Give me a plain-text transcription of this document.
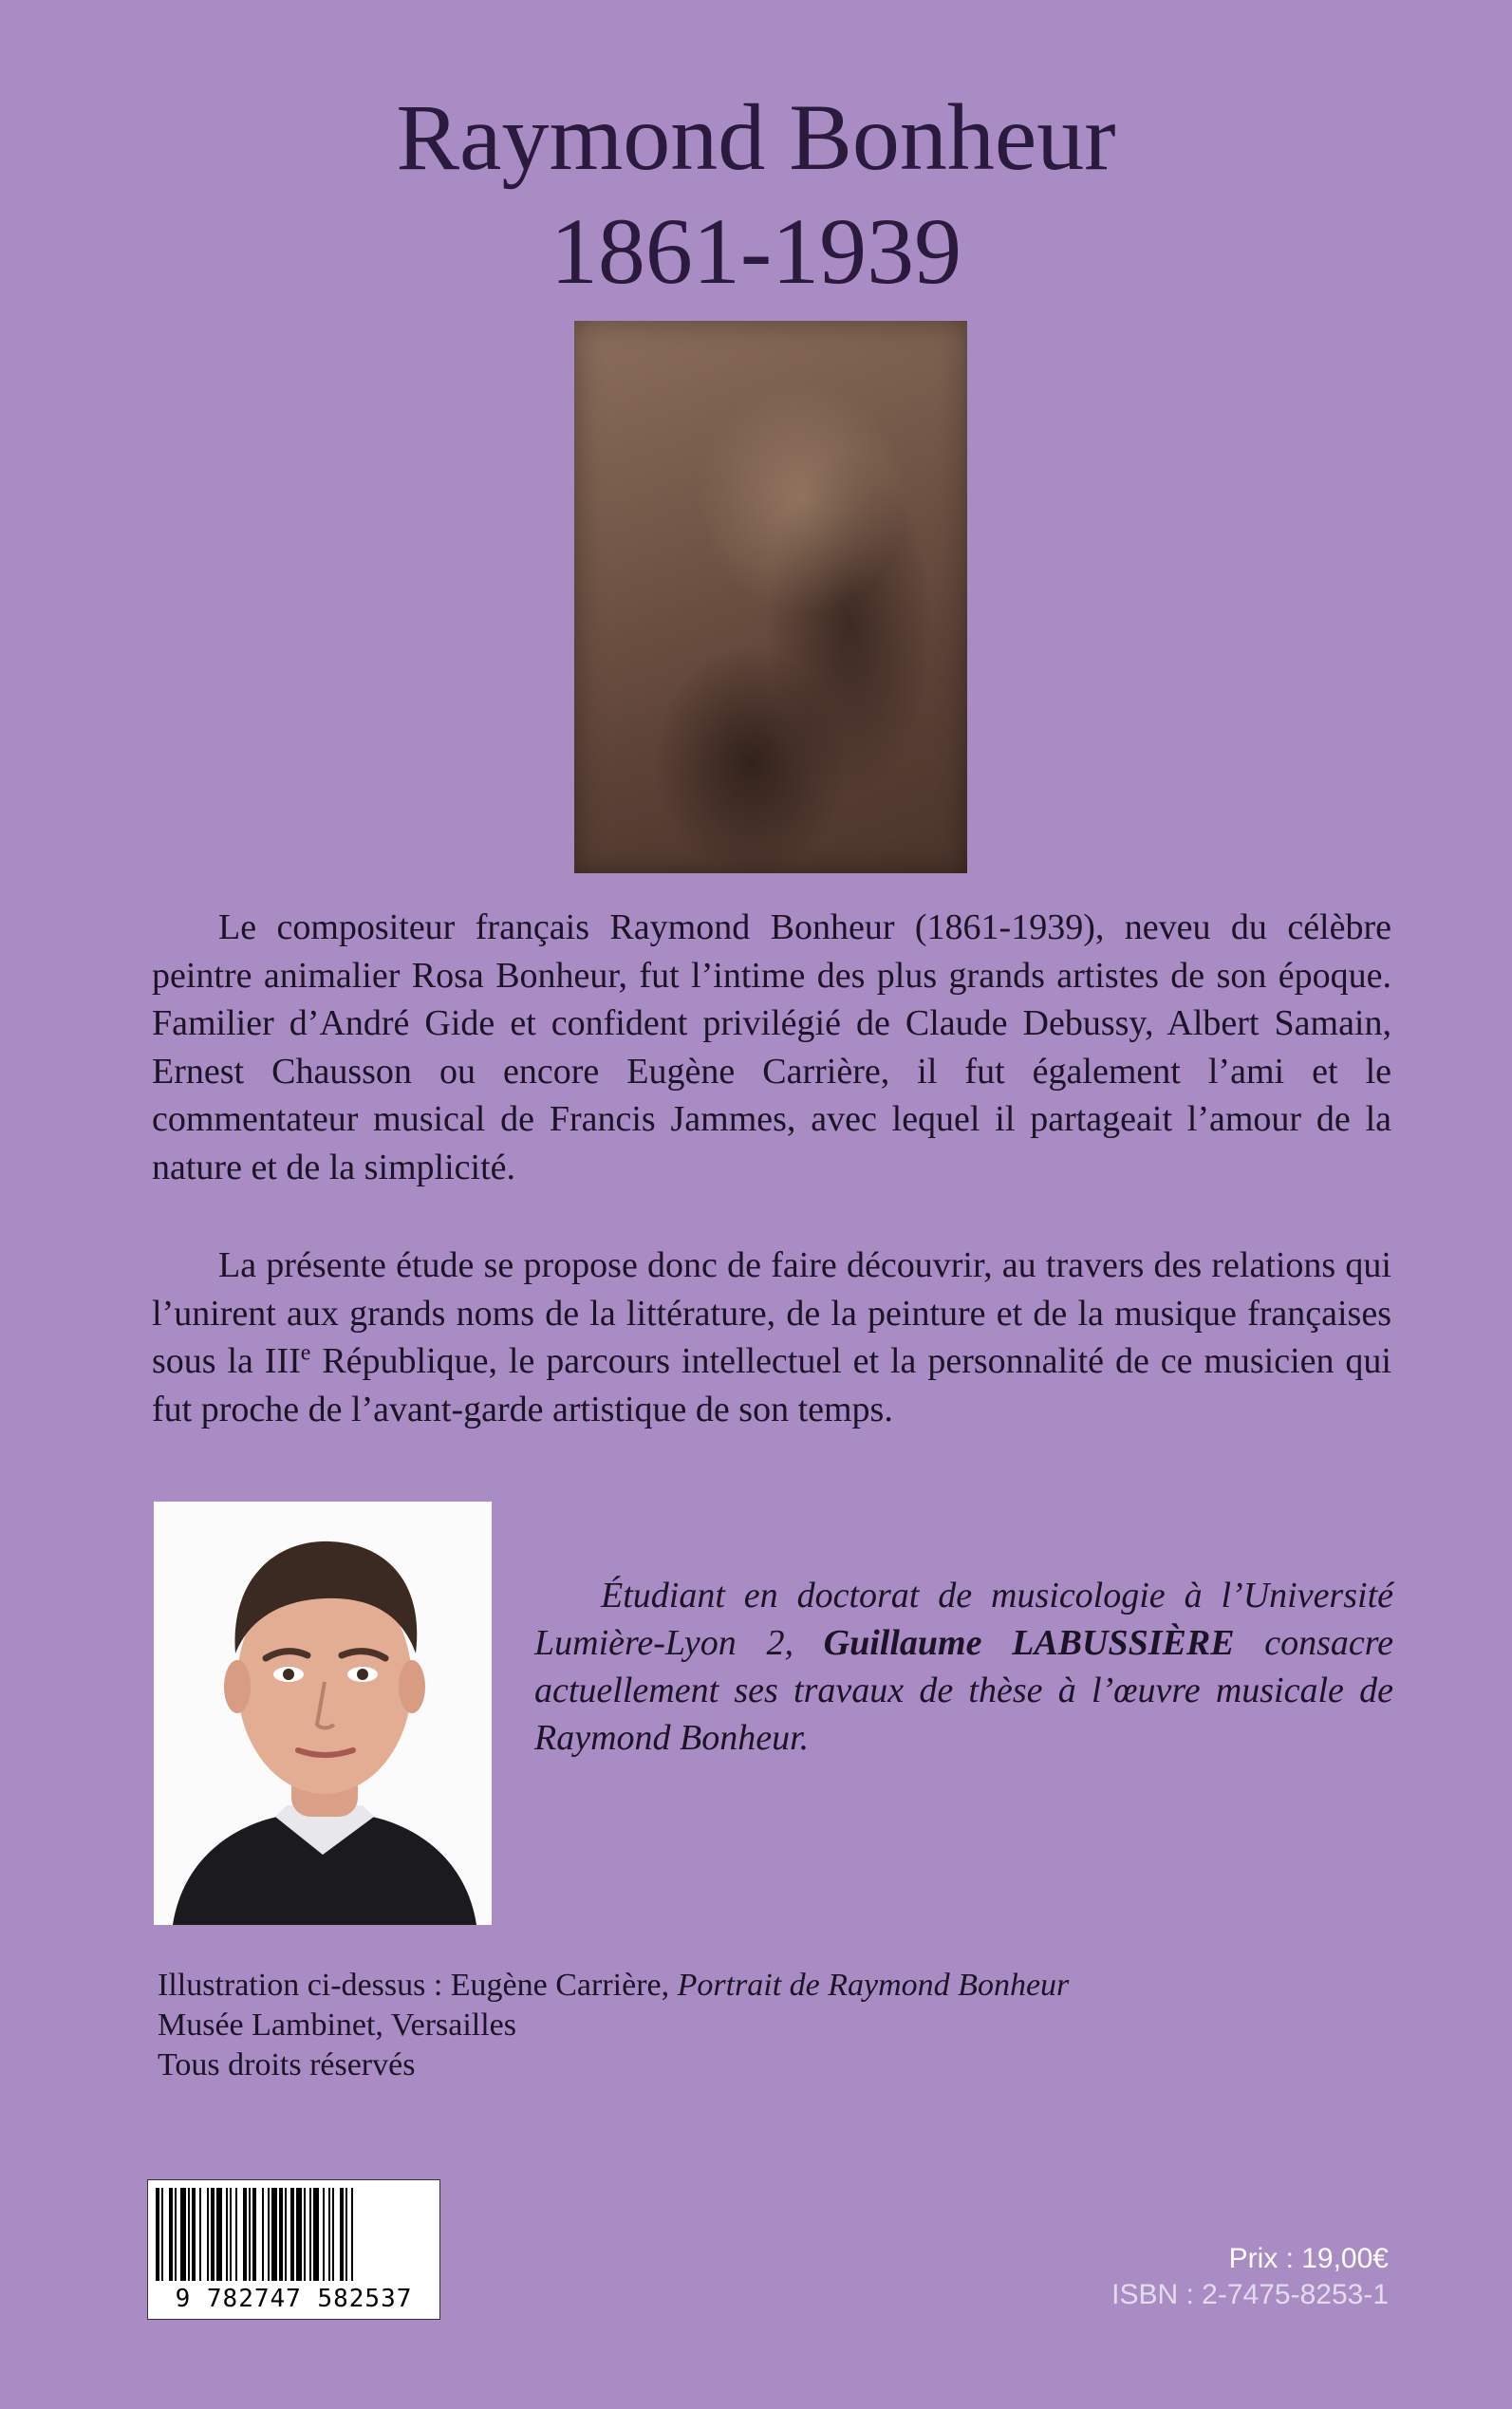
Raymond Bonheur
1861-1939

Le compositeur français Raymond Bonheur (1861-1939), neveu du célèbre peintre animalier Rosa Bonheur, fut l’intime des plus grands artistes de son époque. Familier d’André Gide et confident privilégié de Claude Debussy, Albert Samain, Ernest Chausson ou encore Eugène Carrière, il fut également l’ami et le commentateur musical de Francis Jammes, avec lequel il partageait l’amour de la nature et de la simplicité.

La présente étude se propose donc de faire découvrir, au travers des relations qui l’unirent aux grands noms de la littérature, de la peinture et de la musique françaises sous la IIIe République, le parcours intellectuel et la personnalité de ce musicien qui fut proche de l’avant-garde artistique de son temps.

Étudiant en doctorat de musicologie à l’Université Lumière-Lyon 2, Guillaume LABUSSIÈRE consacre actuellement ses travaux de thèse à l’œuvre musicale de Raymond Bonheur.

Illustration ci-dessus : Eugène Carrière, Portrait de Raymond Bonheur

Musée Lambinet, Versailles

Tous droits réservés

9 782747 582537

Prix : 19,00€

ISBN : 2-7475-8253-1
